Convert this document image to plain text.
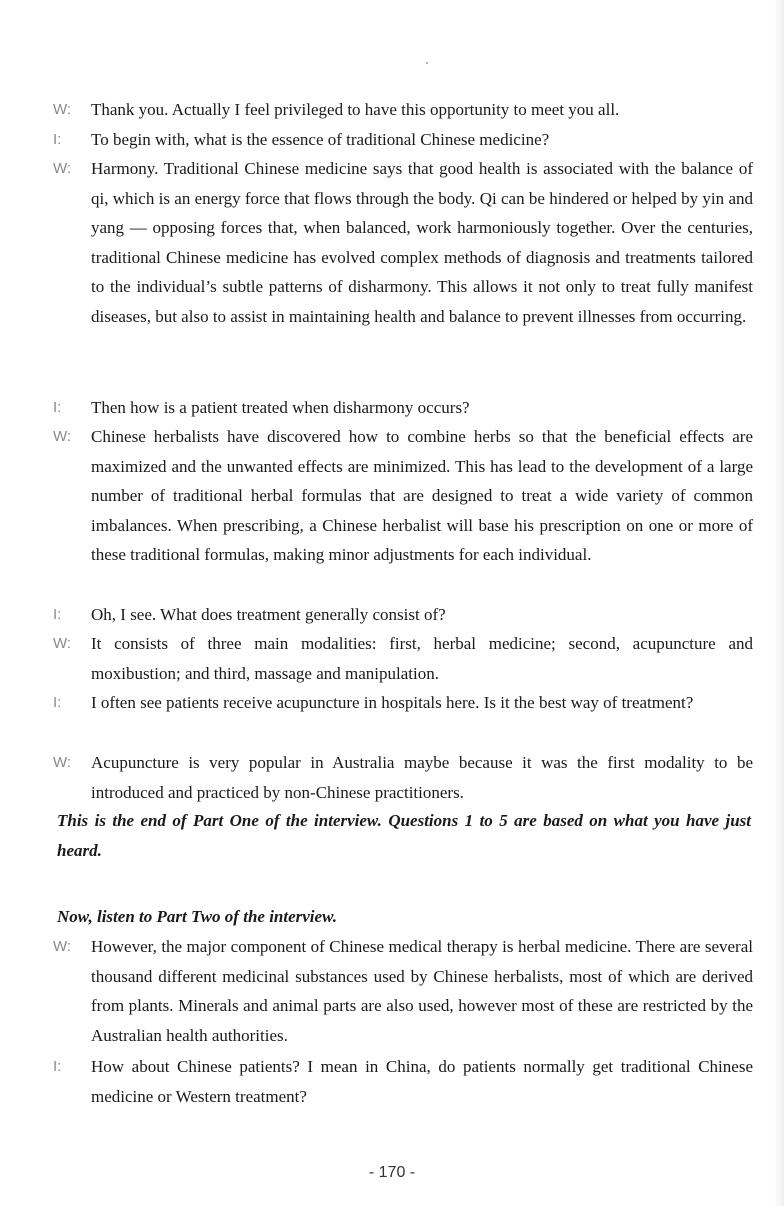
W:	Thank you. Actually I feel privileged to have this opportunity to meet you all.
I:	To begin with, what is the essence of traditional Chinese medicine?
W:	Harmony. Traditional Chinese medicine says that good health is associated with the balance of qi, which is an energy force that flows through the body. Qi can be hindered or helped by yin and yang — opposing forces that, when balanced, work harmoniously together. Over the centuries, traditional Chinese medicine has evolved complex methods of diagnosis and treatments tailored to the individual’s subtle patterns of disharmony. This allows it not only to treat fully manifest diseases, but also to assist in maintaining health and balance to prevent illnesses from occurring.
I:	Then how is a patient treated when disharmony occurs?
W:	Chinese herbalists have discovered how to combine herbs so that the beneficial effects are maximized and the unwanted effects are minimized. This has lead to the development of a large number of traditional herbal formulas that are designed to treat a wide variety of common imbalances. When prescribing, a Chinese herbalist will base his prescription on one or more of these traditional formulas, making minor adjustments for each individual.
I:	Oh, I see. What does treatment generally consist of?
W:	It consists of three main modalities: first, herbal medicine; second, acupuncture and moxibustion; and third, massage and manipulation.
I:	I often see patients receive acupuncture in hospitals here. Is it the best way of treatment?
W:	Acupuncture is very popular in Australia maybe because it was the first modality to be introduced and practiced by non-Chinese practitioners.
This is the end of Part One of the interview. Questions 1 to 5 are based on what you have just heard.
Now, listen to Part Two of the interview.
W:	However, the major component of Chinese medical therapy is herbal medicine. There are several thousand different medicinal substances used by Chinese herbalists, most of which are derived from plants. Minerals and animal parts are also used, however most of these are restricted by the Australian health authorities.
I:	How about Chinese patients? I mean in China, do patients normally get traditional Chinese medicine or Western treatment?
- 170 -
